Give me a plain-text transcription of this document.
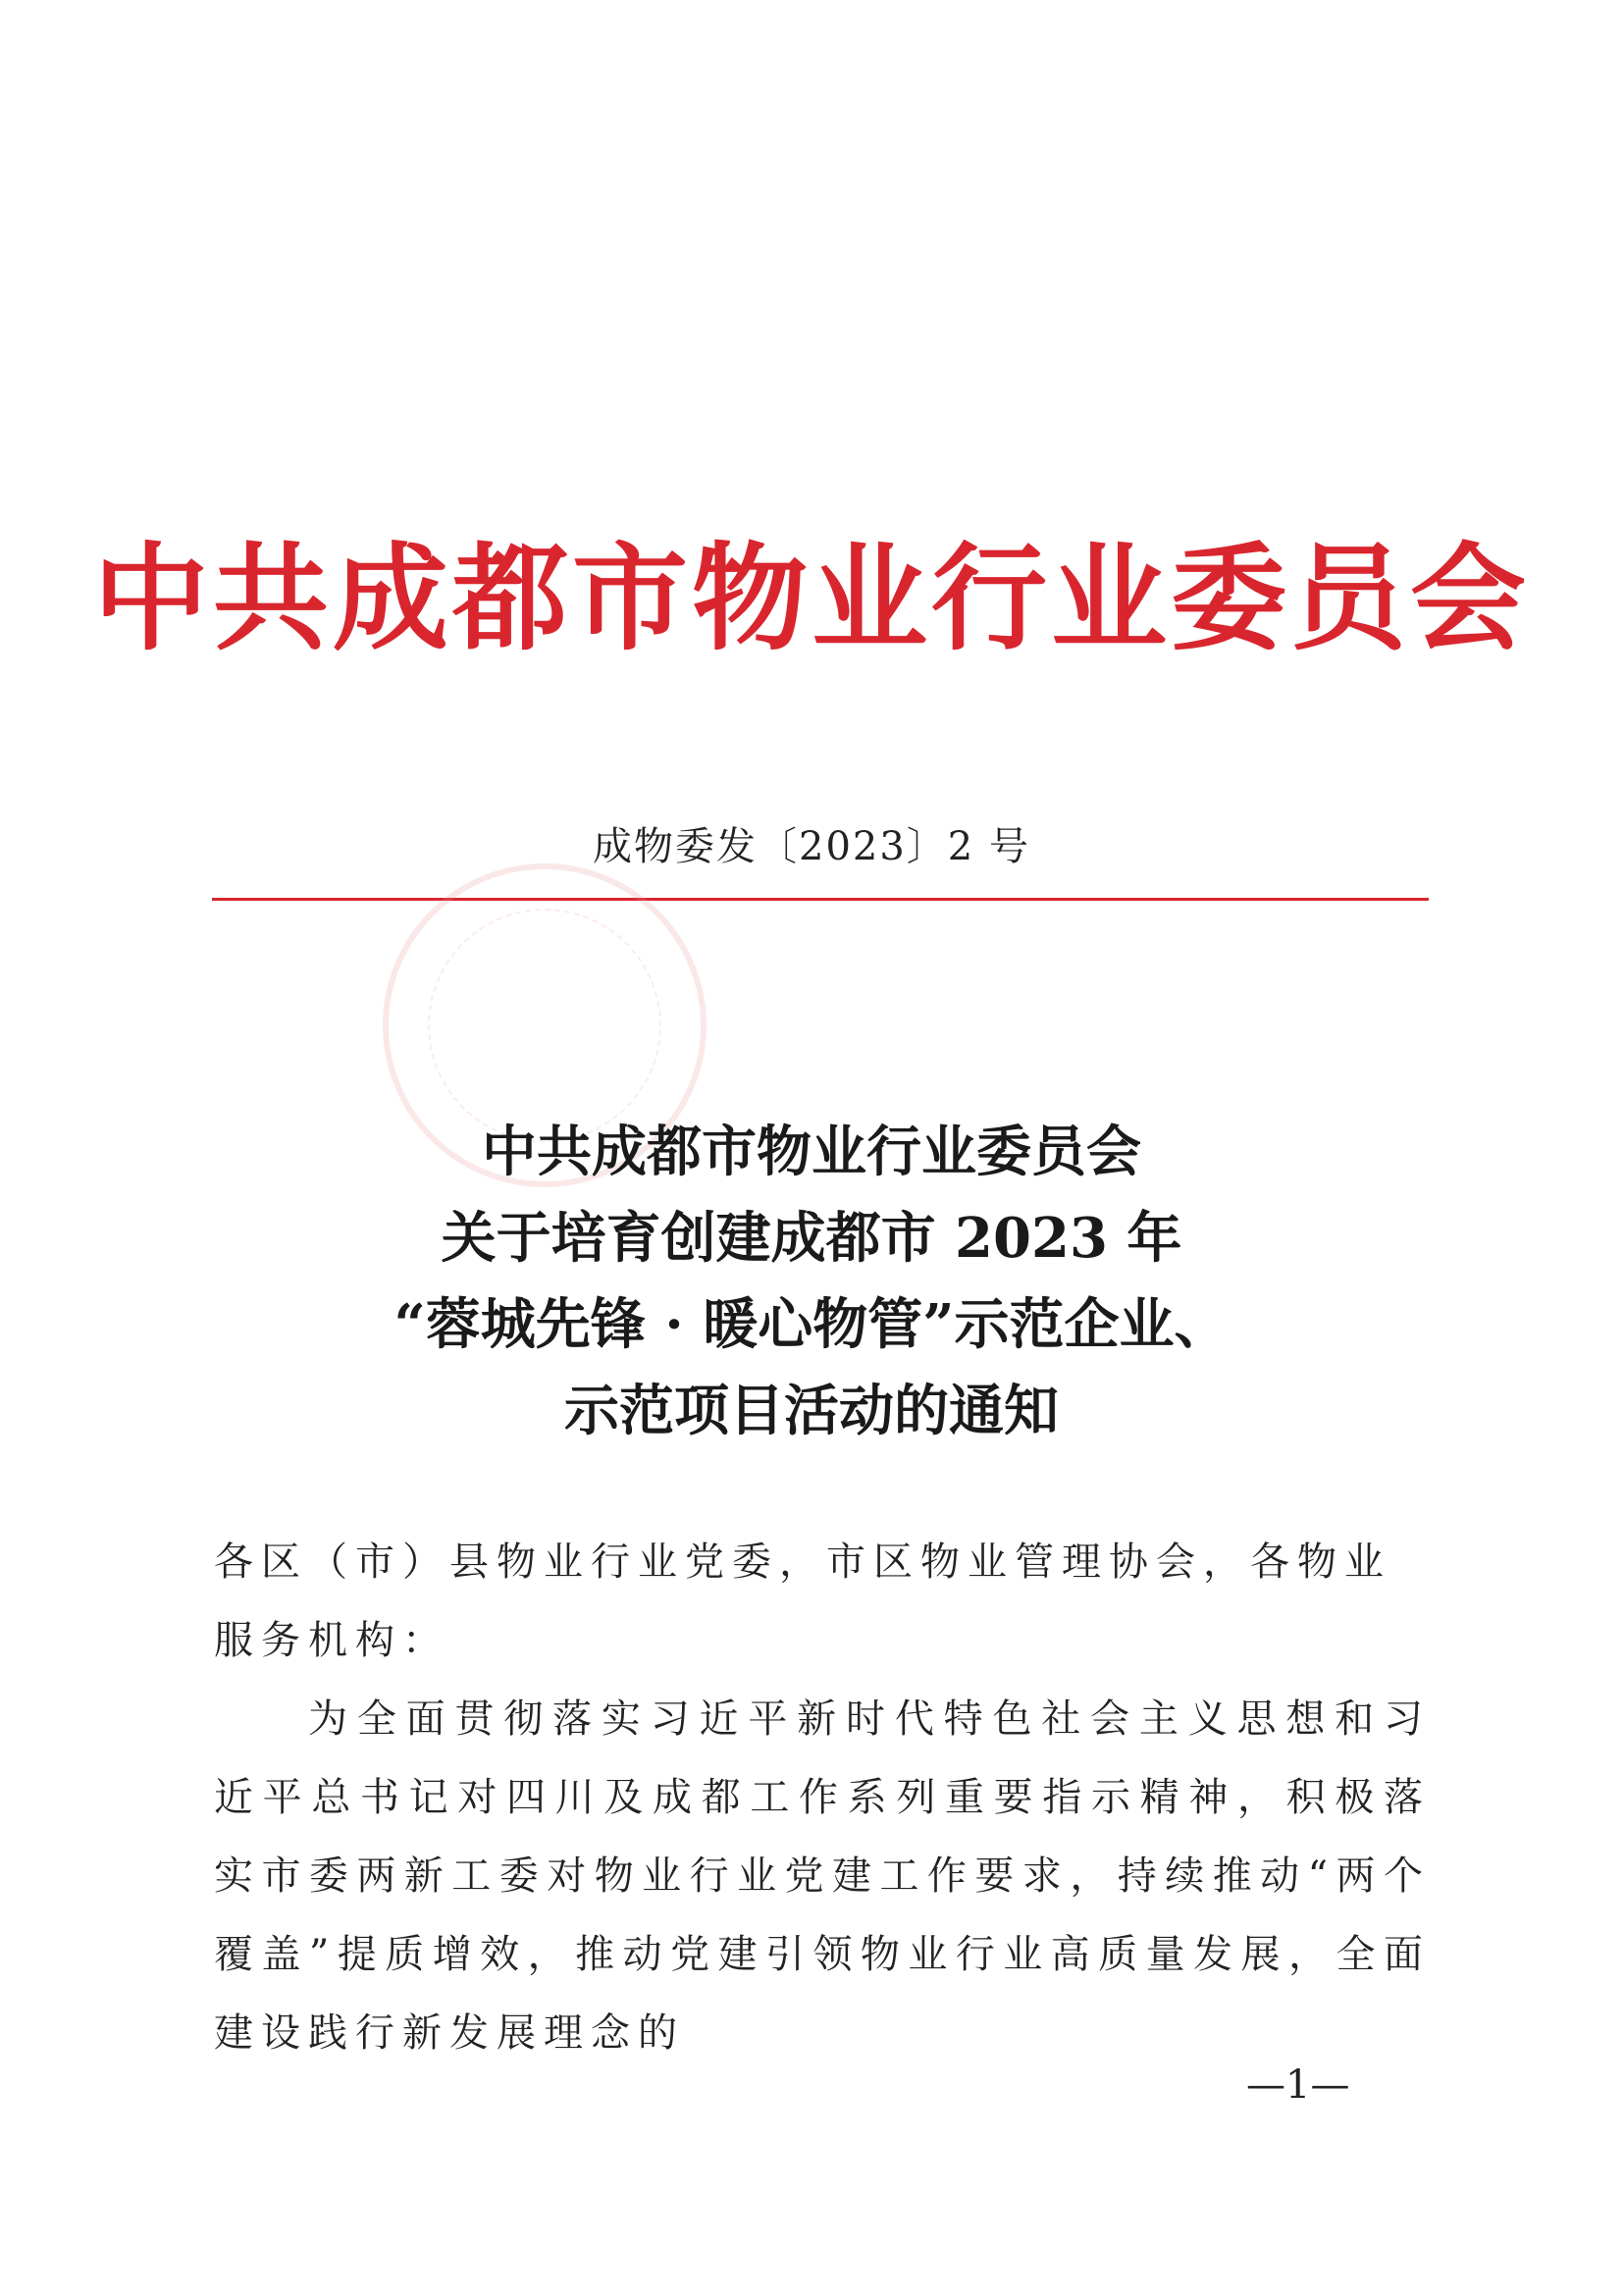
中共成都市物业行业委员会
成物委发〔2023〕2 号
中共成都市物业行业委员会
关于培育创建成都市 2023 年
“蓉城先锋 · 暖心物管”示范企业、
示范项目活动的通知
各区（市）县物业行业党委，市区物业管理协会，各物业服务机构：
为全面贯彻落实习近平新时代特色社会主义思想和习近平总书记对四川及成都工作系列重要指示精神，积极落实市委两新工委对物业行业党建工作要求，持续推动“两个覆盖”提质增效，推动党建引领物业行业高质量发展，全面建设践行新发展理念的
—1—
